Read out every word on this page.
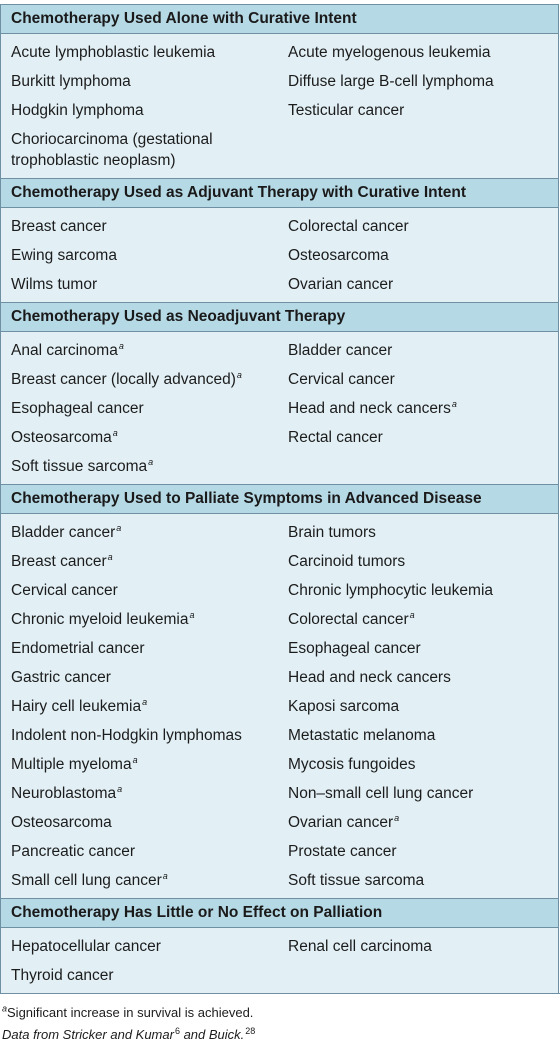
Chemotherapy Used Alone with Curative Intent
Acute lymphoblastic leukemia	Acute myelogenous leukemia
Burkitt lymphoma	Diffuse large B-cell lymphoma
Hodgkin lymphoma	Testicular cancer
Choriocarcinoma (gestational trophoblastic neoplasm)
Chemotherapy Used as Adjuvant Therapy with Curative Intent
Breast cancer	Colorectal cancer
Ewing sarcoma	Osteosarcoma
Wilms tumor	Ovarian cancer
Chemotherapy Used as Neoadjuvant Therapy
Anal carcinoma$^a$	Bladder cancer
Breast cancer (locally advanced)$^a$	Cervical cancer
Esophageal cancer	Head and neck cancers$^a$
Osteosarcoma$^a$	Rectal cancer
Soft tissue sarcoma$^a$
Chemotherapy Used to Palliate Symptoms in Advanced Disease
Bladder cancer$^a$	Brain tumors
Breast cancer$^a$	Carcinoid tumors
Cervical cancer	Chronic lymphocytic leukemia
Chronic myeloid leukemia$^a$	Colorectal cancer$^a$
Endometrial cancer	Esophageal cancer
Gastric cancer	Head and neck cancers
Hairy cell leukemia$^a$	Kaposi sarcoma
Indolent non-Hodgkin lymphomas	Metastatic melanoma
Multiple myeloma$^a$	Mycosis fungoides
Neuroblastoma$^a$	Non–small cell lung cancer
Osteosarcoma	Ovarian cancer$^a$
Pancreatic cancer	Prostate cancer
Small cell lung cancer$^a$	Soft tissue sarcoma
Chemotherapy Has Little or No Effect on Palliation
Hepatocellular cancer	Renal cell carcinoma
Thyroid cancer
$^a$Significant increase in survival is achieved.
Data from Stricker and Kumar$^6$ and Buick.$^{28}$
